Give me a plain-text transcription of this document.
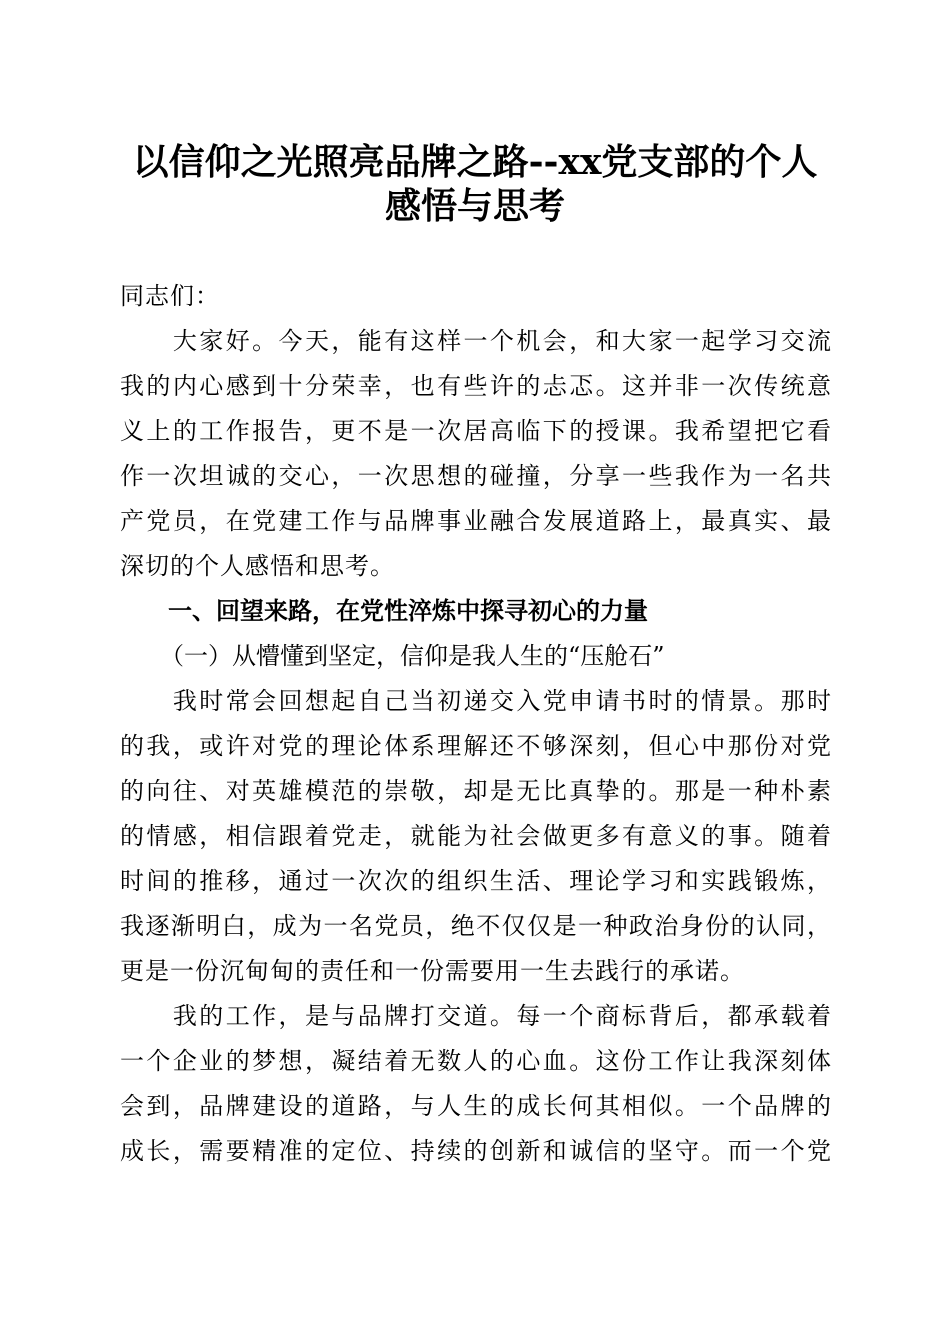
以信仰之光照亮品牌之路--xx党支部的个人
感悟与思考
同志们：
　　大家好。今天，能有这样一个机会，和大家一起学习交流
我的内心感到十分荣幸，也有些许的忐忑。这并非一次传统意
义上的工作报告，更不是一次居高临下的授课。我希望把它看
作一次坦诚的交心，一次思想的碰撞，分享一些我作为一名共
产党员，在党建工作与品牌事业融合发展道路上，最真实、最
深切的个人感悟和思考。
一、回望来路，在党性淬炼中探寻初心的力量
（一）从懵懂到坚定，信仰是我人生的“压舱石”
　　我时常会回想起自己当初递交入党申请书时的情景。那时
的我，或许对党的理论体系理解还不够深刻，但心中那份对党
的向往、对英雄模范的崇敬，却是无比真挚的。那是一种朴素
的情感，相信跟着党走，就能为社会做更多有意义的事。随着
时间的推移，通过一次次的组织生活、理论学习和实践锻炼，
我逐渐明白，成为一名党员，绝不仅仅是一种政治身份的认同，
更是一份沉甸甸的责任和一份需要用一生去践行的承诺。
　　我的工作，是与品牌打交道。每一个商标背后，都承载着
一个企业的梦想，凝结着无数人的心血。这份工作让我深刻体
会到，品牌建设的道路，与人生的成长何其相似。一个品牌的
成长，需要精准的定位、持续的创新和诚信的坚守。而一个党
